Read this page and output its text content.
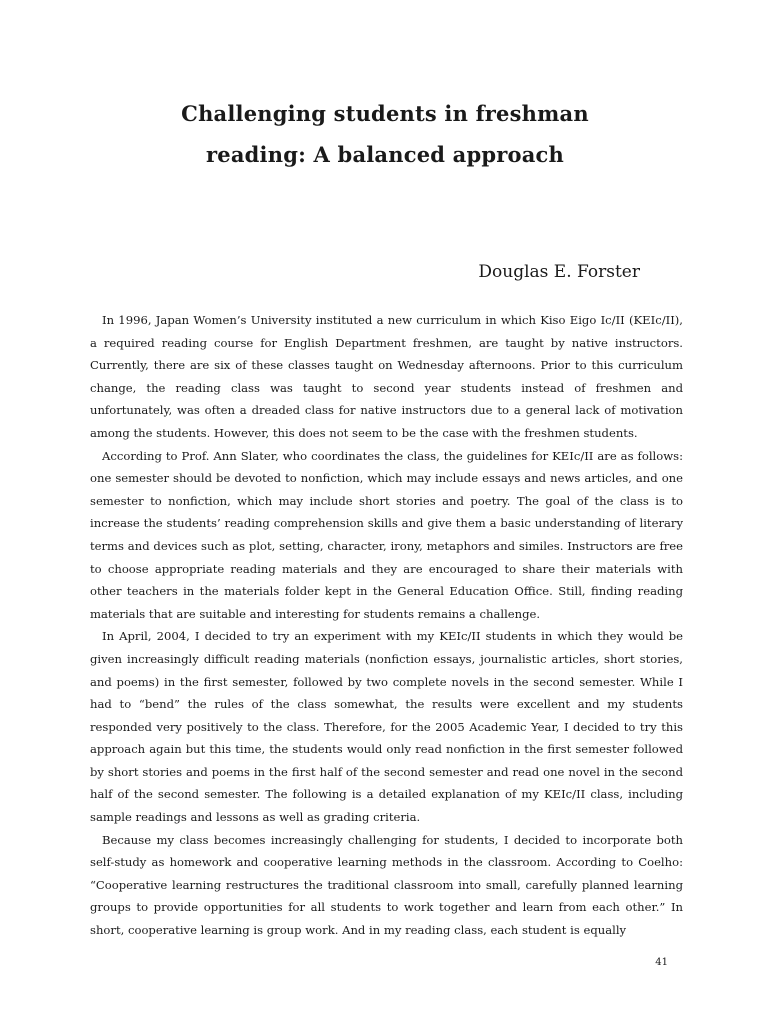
Challenging students in freshman
reading: A balanced approach
Douglas E. Forster

In 1996, Japan Women’s University instituted a new curriculum in which Kiso Eigo Ic/II (KEIc/II), a required reading course for English Department freshmen, are taught by native instructors. Currently, there are six of these classes taught on Wednesday afternoons. Prior to this curriculum change, the reading class was taught to second year students instead of freshmen and unfortunately, was often a dreaded class for native instructors due to a general lack of motivation among the students. However, this does not seem to be the case with the freshmen students.

According to Prof. Ann Slater, who coordinates the class, the guidelines for KEIc/II are as follows: one semester should be devoted to nonfiction, which may include essays and news articles, and one semester to nonfiction, which may include short stories and poetry. The goal of the class is to increase the students’ reading comprehension skills and give them a basic understanding of literary terms and devices such as plot, setting, character, irony, metaphors and similes. Instructors are free to choose appropriate reading materials and they are encouraged to share their materials with other teachers in the materials folder kept in the General Education Office. Still, finding reading materials that are suitable and interesting for students remains a challenge.

In April, 2004, I decided to try an experiment with my KEIc/II students in which they would be given increasingly difficult reading materials (nonfiction essays, journalistic articles, short stories, and poems) in the first semester, followed by two complete novels in the second semester. While I had to “bend” the rules of the class somewhat, the results were excellent and my students responded very positively to the class. Therefore, for the 2005 Academic Year, I decided to try this approach again but this time, the students would only read nonfiction in the first semester followed by short stories and poems in the first half of the second semester and read one novel in the second half of the second semester. The following is a detailed explanation of my KEIc/II class, including sample readings and lessons as well as grading criteria.

Because my class becomes increasingly challenging for students, I decided to incorporate both self-study as homework and cooperative learning methods in the classroom. According to Coelho: “Cooperative learning restructures the traditional classroom into small, carefully planned learning groups to provide opportunities for all students to work together and learn from each other.” In short, cooperative learning is group work. And in my reading class, each student is equally

41
